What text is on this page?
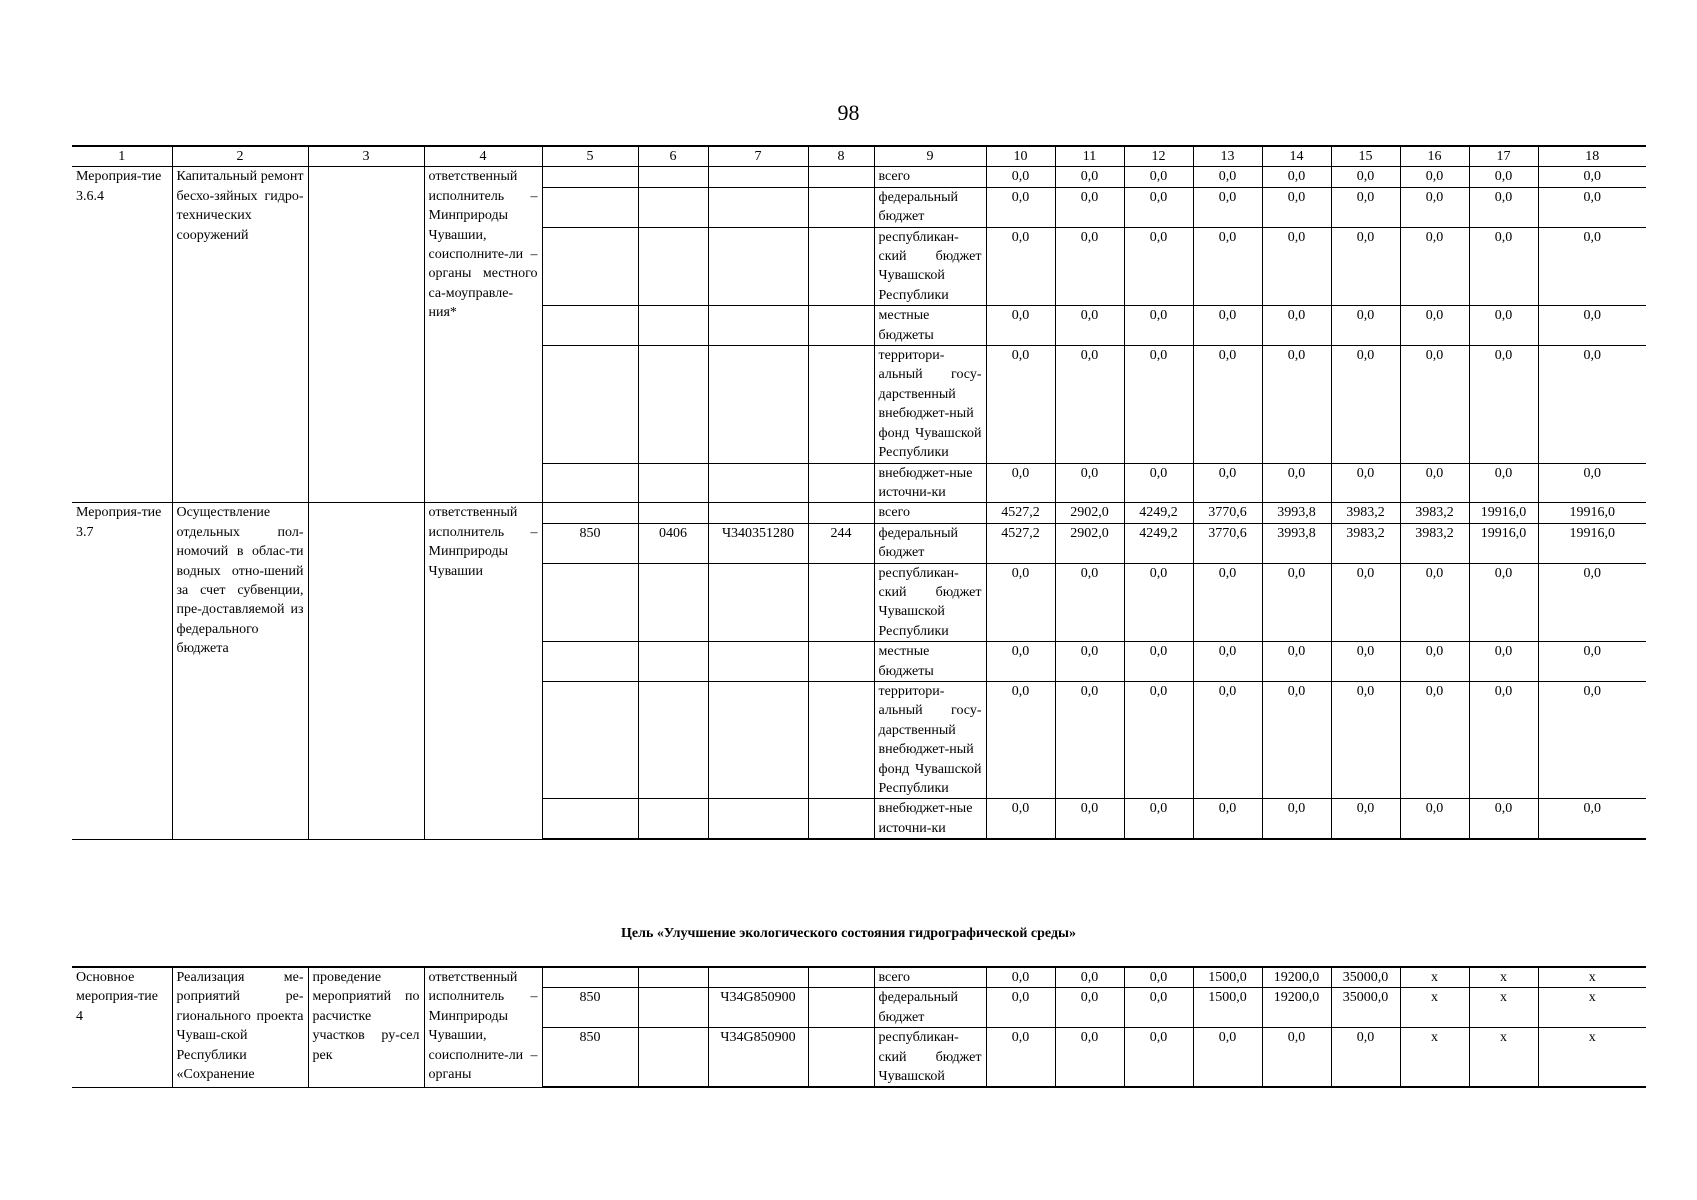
98
1	2	3	4	5	6	7	8	9	10	11	12	13	14	15	16	17	18
Мероприя-тие 3.6.4	Капитальный ремонт бесхо-зяйных гидро-технических сооружений		ответственный исполнитель – Минприроды Чувашии, соисполните-ли – органы местного са-моуправле-ния*					всего	0,0	0,0	0,0	0,0	0,0	0,0	0,0	0,0	0,0
								федеральный бюджет	0,0	0,0	0,0	0,0	0,0	0,0	0,0	0,0	0,0
								республикан-ский бюджет Чувашской Республики	0,0	0,0	0,0	0,0	0,0	0,0	0,0	0,0	0,0
								местные бюджеты	0,0	0,0	0,0	0,0	0,0	0,0	0,0	0,0	0,0
								территори-альный госу-дарственный внебюджет-ный фонд Чувашской Республики	0,0	0,0	0,0	0,0	0,0	0,0	0,0	0,0	0,0
								внебюджет-ные источни-ки	0,0	0,0	0,0	0,0	0,0	0,0	0,0	0,0	0,0
Мероприя-тие 3.7	Осуществление отдельных пол-номочий в облас-ти водных отно-шений за счет субвенции, пре-доставляемой из федерального бюджета		ответственный исполнитель – Минприроды Чувашии					всего	4527,2	2902,0	4249,2	3770,6	3993,8	3983,2	3983,2	19916,0	19916,0
				850	0406	Ч340351280	244	федеральный бюджет	4527,2	2902,0	4249,2	3770,6	3993,8	3983,2	3983,2	19916,0	19916,0
								республикан-ский бюджет Чувашской Республики	0,0	0,0	0,0	0,0	0,0	0,0	0,0	0,0	0,0
								местные бюджеты	0,0	0,0	0,0	0,0	0,0	0,0	0,0	0,0	0,0
								территори-альный госу-дарственный внебюджет-ный фонд Чувашской Республики	0,0	0,0	0,0	0,0	0,0	0,0	0,0	0,0	0,0
								внебюджет-ные источни-ки	0,0	0,0	0,0	0,0	0,0	0,0	0,0	0,0	0,0
Цель «Улучшение экологического состояния гидрографической среды»
Основное мероприя-тие 4	Реализация ме-роприятий ре-гионального проекта Чуваш-ской Республики «Сохранение	проведение мероприятий по расчистке участков ру-сел рек	ответственный исполнитель – Минприроды Чувашии, соисполните-ли – органы					всего	0,0	0,0	0,0	1500,0	19200,0	35000,0	x	x	x
				850		Ч34G850900		федеральный бюджет	0,0	0,0	0,0	1500,0	19200,0	35000,0	x	x	x
				850		Ч34G850900		республикан-ский бюджет Чувашской	0,0	0,0	0,0	0,0	0,0	0,0	x	x	x
